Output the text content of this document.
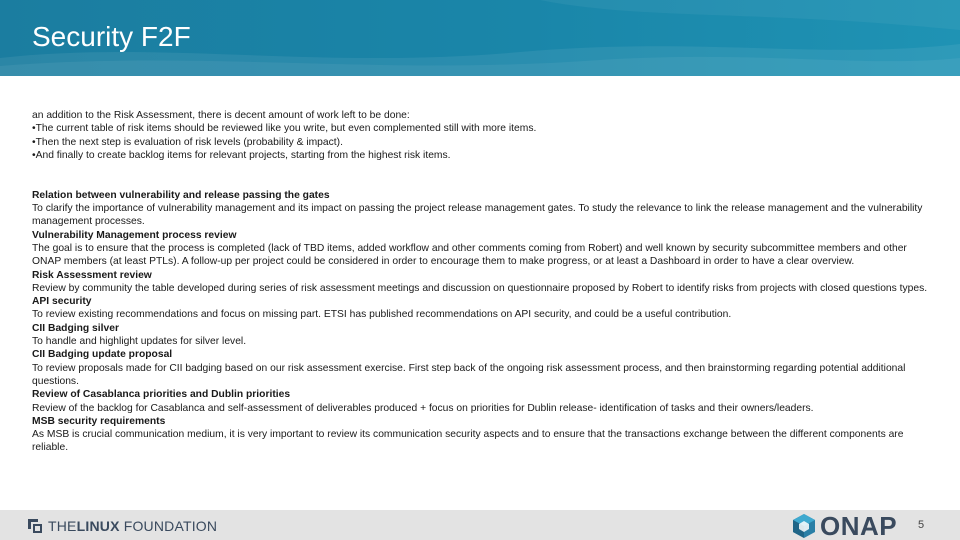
Security F2F

an addition to the Risk Assessment, there is decent amount of work left to be done:

•The current table of risk items should be reviewed like you write, but even complemented still with more items.

•Then the next step is evaluation of risk levels (probability & impact).

•And finally to create backlog items for relevant projects, starting from the highest risk items.

Relation between vulnerability and release passing the gates

To clarify the importance of vulnerability management and its impact on passing the project release management gates. To study the relevance to link the release management and the vulnerability management processes.

Vulnerability Management process review

The goal is to ensure that the process is completed (lack of TBD items, added workflow and other comments coming from Robert) and well known by security subcommittee members and other ONAP members (at least PTLs). A follow-up per project could be considered in order to encourage them to make progress, or at least a Dashboard in order to have a clear overview.

Risk Assessment review

Review by community the table developed during series of risk assessment meetings and discussion on questionnaire proposed by Robert to identify risks from projects with closed questions types.

API security

To review existing recommendations and focus on missing part. ETSI has published recommendations on API security, and could be a useful contribution.

CII Badging silver

To handle and highlight updates for silver level.

CII Badging update proposal

To review proposals made for CII badging based on our risk assessment exercise. First step back of the ongoing risk assessment process, and then brainstorming regarding potential additional questions.

Review of Casablanca priorities and Dublin priorities

Review of the backlog for Casablanca and self-assessment of deliverables produced + focus on priorities for Dublin release- identification of tasks and their owners/leaders.

MSB security requirements

As MSB is crucial communication medium, it is very important to review its communication security aspects and to ensure that the transactions exchange between the different components are reliable.

THELINUX FOUNDATION	ONAP 5
